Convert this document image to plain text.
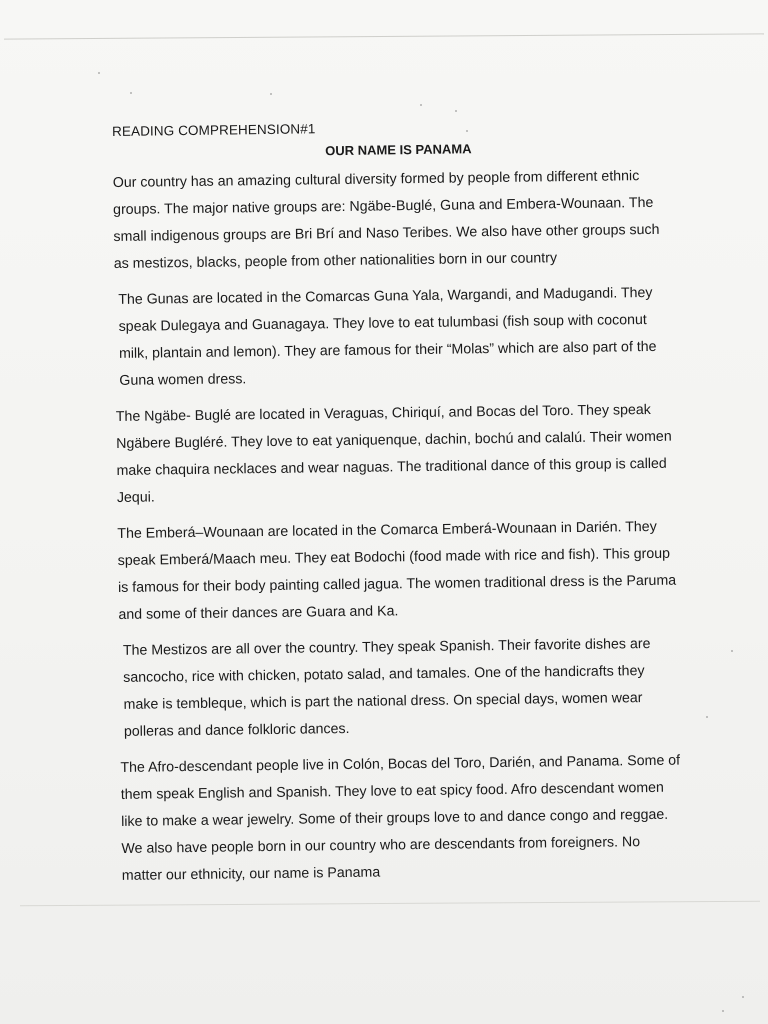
READING COMPREHENSION#1
OUR NAME IS PANAMA

Our country has an amazing cultural diversity formed by people from different ethnic groups. The major native groups are: Ngäbe-Buglé, Guna and Embera-Wounaan. The small indigenous groups are Bri Brí and Naso Teribes. We also have other groups such as mestizos, blacks, people from other nationalities born in our country

The Gunas are located in the Comarcas Guna Yala, Wargandi, and Madugandi. They speak Dulegaya and Guanagaya. They love to eat tulumbasi (fish soup with coconut milk, plantain and lemon). They are famous for their “Molas” which are also part of the Guna women dress.

The Ngäbe- Buglé are located in Veraguas, Chiriquí, and Bocas del Toro. They speak Ngäbere Bugléré. They love to eat yaniquenque, dachin, bochú and calalú. Their women make chaquira necklaces and wear naguas. The traditional dance of this group is called Jequi.

The Emberá–Wounaan are located in the Comarca Emberá-Wounaan in Darién. They speak Emberá/Maach meu. They eat Bodochi (food made with rice and fish). This group is famous for their body painting called jagua. The women traditional dress is the Paruma and some of their dances are Guara and Ka.

The Mestizos are all over the country. They speak Spanish. Their favorite dishes are sancocho, rice with chicken, potato salad, and tamales. One of the handicrafts they make is tembleque, which is part the national dress. On special days, women wear polleras and dance folkloric dances.

The Afro-descendant people live in Colón, Bocas del Toro, Darién, and Panama. Some of them speak English and Spanish. They love to eat spicy food. Afro descendant women like to make a wear jewelry. Some of their groups love to and dance congo and reggae. We also have people born in our country who are descendants from foreigners. No matter our ethnicity, our name is Panama
